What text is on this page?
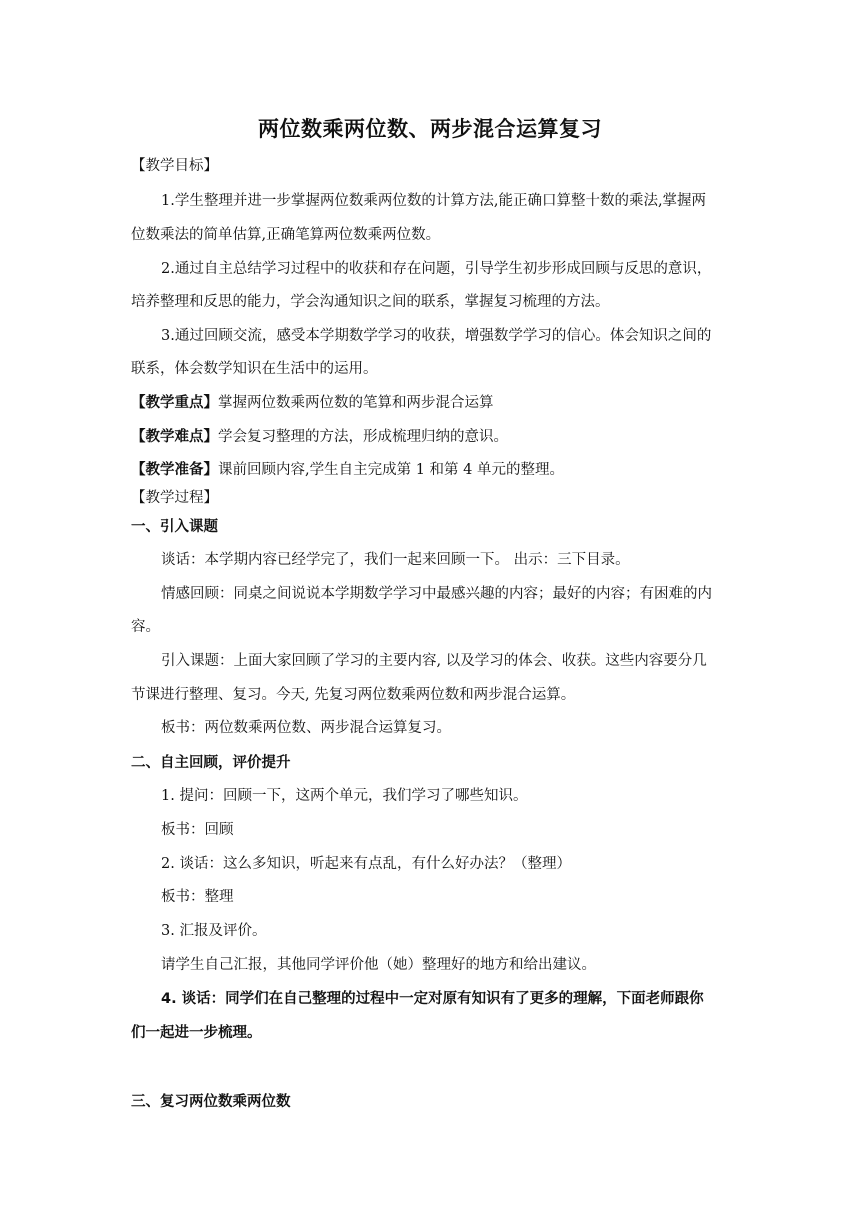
两位数乘两位数、两步混合运算复习
【教学目标】
1.学生整理并进一步掌握两位数乘两位数的计算方法,能正确口算整十数的乘法,掌握两
位数乘法的简单估算,正确笔算两位数乘两位数。
2.通过自主总结学习过程中的收获和存在问题，引导学生初步形成回顾与反思的意识，
培养整理和反思的能力，学会沟通知识之间的联系，掌握复习梳理的方法。
3.通过回顾交流，感受本学期数学学习的收获，增强数学学习的信心。体会知识之间的
联系，体会数学知识在生活中的运用。
【教学重点】掌握两位数乘两位数的笔算和两步混合运算
【教学难点】学会复习整理的方法，形成梳理归纳的意识。
【教学准备】课前回顾内容,学生自主完成第 1 和第 4 单元的整理。
【教学过程】
一、引入课题
谈话：本学期内容已经学完了，我们一起来回顾一下。 出示：三下目录。
情感回顾：同桌之间说说本学期数学学习中最感兴趣的内容；最好的内容；有困难的内
容。
引入课题：上面大家回顾了学习的主要内容, 以及学习的体会、收获。这些内容要分几
节课进行整理、复习。今天, 先复习两位数乘两位数和两步混合运算。
板书：两位数乘两位数、两步混合运算复习。
二、自主回顾，评价提升
1. 提问：回顾一下，这两个单元，我们学习了哪些知识。
板书：回顾
2. 谈话：这么多知识，听起来有点乱，有什么好办法？（整理）
板书：整理
3. 汇报及评价。
请学生自己汇报，其他同学评价他（她）整理好的地方和给出建议。
4. 谈话：同学们在自己整理的过程中一定对原有知识有了更多的理解，下面老师跟你
们一起进一步梳理。
三、复习两位数乘两位数
